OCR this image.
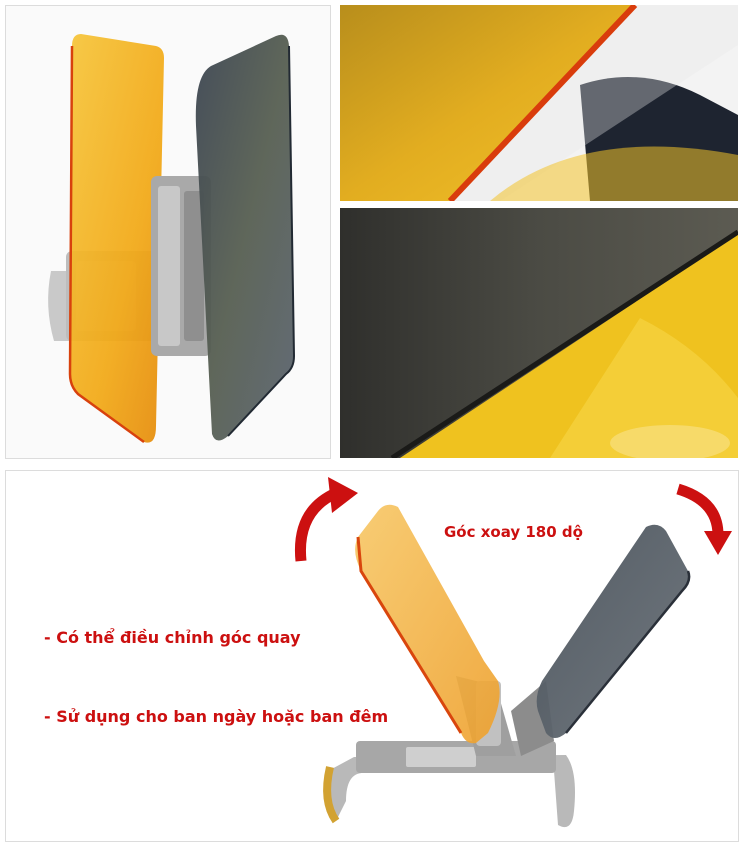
Góc xoay 180 dộ

- Có thể điều chỉnh góc quay

- Sử dụng cho ban ngày hoặc ban đêm
